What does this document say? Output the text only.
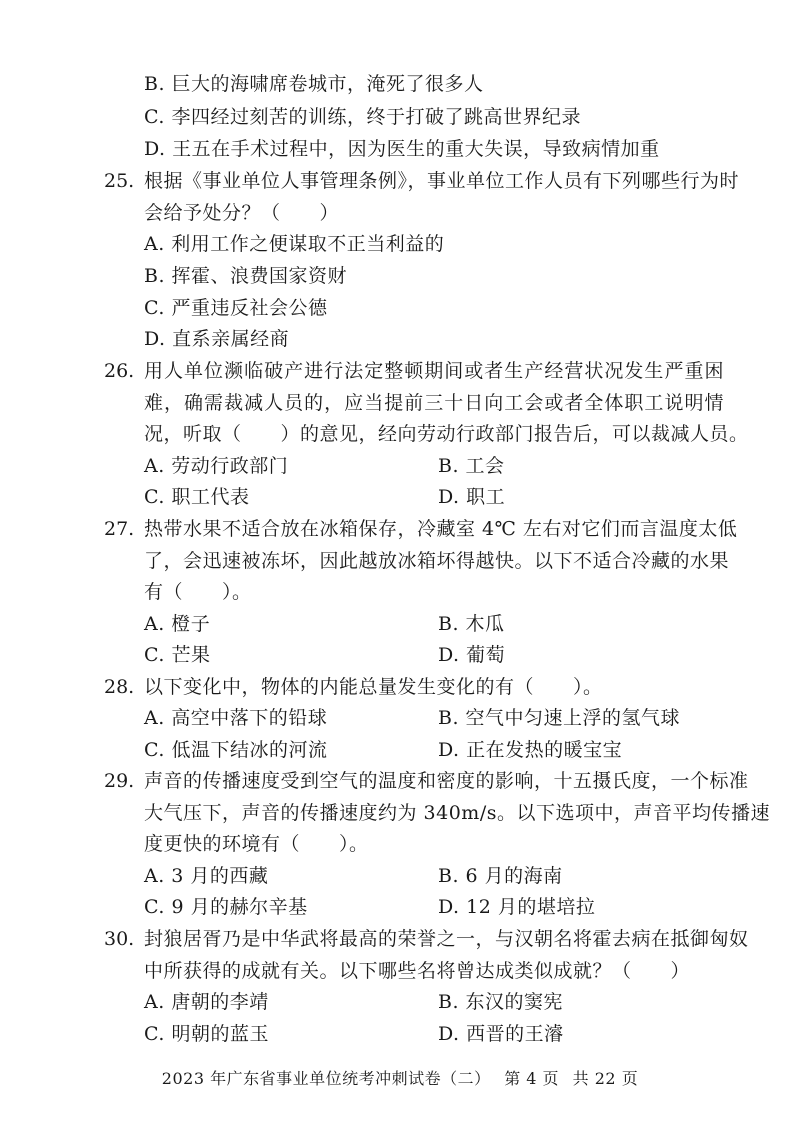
B. 巨大的海啸席卷城市，淹死了很多人
C. 李四经过刻苦的训练，终于打破了跳高世界纪录
D. 王五在手术过程中，因为医生的重大失误，导致病情加重
25. 根据《事业单位人事管理条例》，事业单位工作人员有下列哪些行为时
会给予处分？（　　）
A. 利用工作之便谋取不正当利益的
B. 挥霍、浪费国家资财
C. 严重违反社会公德
D. 直系亲属经商
26. 用人单位濒临破产进行法定整顿期间或者生产经营状况发生严重困
难，确需裁减人员的，应当提前三十日向工会或者全体职工说明情
况，听取（　　）的意见，经向劳动行政部门报告后，可以裁减人员。
A. 劳动行政部门	B. 工会
C. 职工代表	D. 职工
27. 热带水果不适合放在冰箱保存，冷藏室 4℃ 左右对它们而言温度太低
了，会迅速被冻坏，因此越放冰箱坏得越快。以下不适合冷藏的水果
有（　　）。
A. 橙子	B. 木瓜
C. 芒果	D. 葡萄
28. 以下变化中，物体的内能总量发生变化的有（　　）。
A. 高空中落下的铅球	B. 空气中匀速上浮的氢气球
C. 低温下结冰的河流	D. 正在发热的暖宝宝
29. 声音的传播速度受到空气的温度和密度的影响，十五摄氏度，一个标准
大气压下，声音的传播速度约为 340m/s。以下选项中，声音平均传播速
度更快的环境有（　　）。
A. 3 月的西藏	B. 6 月的海南
C. 9 月的赫尔辛基	D. 12 月的堪培拉
30. 封狼居胥乃是中华武将最高的荣誉之一，与汉朝名将霍去病在抵御匈奴
中所获得的成就有关。以下哪些名将曾达成类似成就？（　　）
A. 唐朝的李靖	B. 东汉的窦宪
C. 明朝的蓝玉	D. 西晋的王濬
2023 年广东省事业单位统考冲刺试卷（二） 第 4 页 共 22 页
